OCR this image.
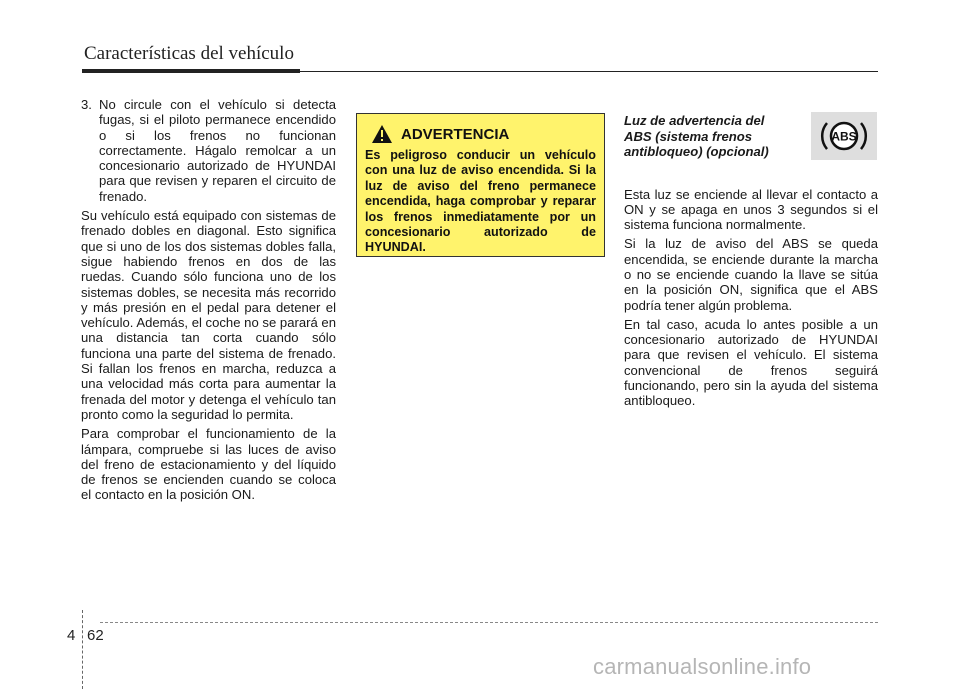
Características del vehículo
3. No circule con el vehículo si detecta fugas, si el piloto permanece encendido o si los frenos no funcionan correctamente. Hágalo remolcar a un concesionario autorizado de HYUNDAI para que revisen y reparen el circuito de frenado.

Su vehículo está equipado con sistemas de frenado dobles en diagonal. Esto significa que si uno de los dos sistemas dobles falla, sigue habiendo frenos en dos de las ruedas. Cuando sólo funciona uno de los sistemas dobles, se necesita más recorrido y más presión en el pedal para detener el vehículo. Además, el coche no se parará en una distancia tan corta cuando sólo funciona una parte del sistema de frenado. Si fallan los frenos en marcha, reduzca a una velocidad más corta para aumentar la frenada del motor y detenga el vehículo tan pronto como la seguridad lo permita.

Para comprobar el funcionamiento de la lámpara, compruebe si las luces de aviso del freno de estacionamiento y del líquido de frenos se encienden cuando se coloca el contacto en la posición ON.

ADVERTENCIA
Es peligroso conducir un vehículo con una luz de aviso encendida. Si la luz de aviso del freno permanece encendida, haga comprobar y reparar los frenos inmediatamente por un concesionario autorizado de HYUNDAI.
ABS
Luz de advertencia del ABS (sistema frenos antibloqueo) (opcional)

Esta luz se enciende al llevar el contacto a ON y se apaga en unos 3 segundos si el sistema funciona normalmente.

Si la luz de aviso del ABS se queda encendida, se enciende durante la marcha o no se enciende cuando la llave se sitúa en la posición ON, significa que el ABS podría tener algún problema.

En tal caso, acuda lo antes posible a un concesionario autorizado de HYUNDAI para que revisen el vehículo. El sistema convencional de frenos seguirá funcionando, pero sin la ayuda del sistema antibloqueo.

4 62
carmanualsonline.info
